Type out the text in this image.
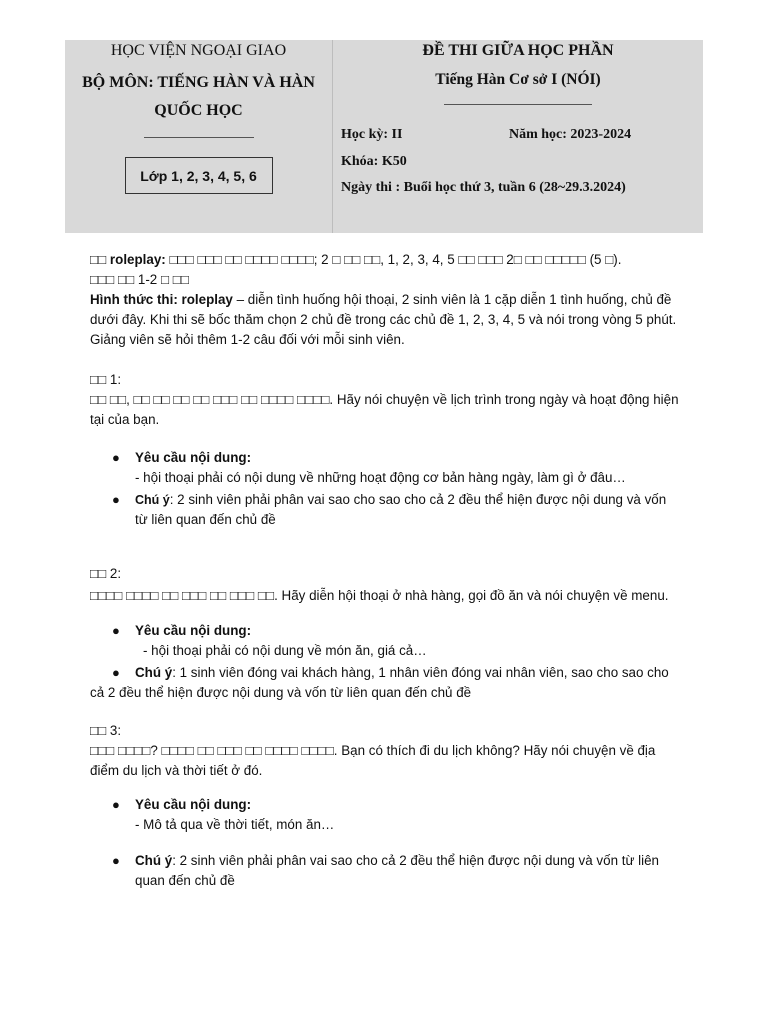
HỌC VIỆN NGOẠI GIAO
BỘ MÔN: TIẾNG HÀN VÀ HÀN QUỐC HỌC
Lớp 1, 2, 3, 4, 5, 6
ĐỀ THI GIỮA HỌC PHẦN
Tiếng Hàn Cơ sở I (NÓI)
Học kỳ: II	Năm học: 2023-2024
Khóa: K50
Ngày thi : Buổi học thứ 3, tuần 6 (28~29.3.2024)

□□ roleplay: □□□ □□□ □□ □□□□ □□□□; 2 □ □□ □□, 1, 2, 3, 4, 5 □□ □□□ 2□ □□ □□□□□ (5 □).

□□□ □□ 1-2 □ □□

Hình thức thi: roleplay – diễn tình huống hội thoại, 2 sinh viên là 1 cặp diễn 1 tình huống, chủ đề dưới đây. Khi thi sẽ bốc thăm chọn 2 chủ đề trong các chủ đề 1, 2, 3, 4, 5 và nói trong vòng 5 phút. Giảng viên sẽ hỏi thêm 1-2 câu đối với mỗi sinh viên.

□□ 1:

□□ □□, □□ □□ □□ □□ □□□ □□ □□□□ □□□□. Hãy nói chuyện về lịch trình trong ngày và hoạt động hiện tại của bạn.

● Yêu cầu nội dung:
- hội thoại phải có nội dung về những hoạt động cơ bản hàng ngày, làm gì ở đâu…
● Chú ý: 2 sinh viên phải phân vai sao cho sao cho cả 2 đều thể hiện được nội dung và vốn từ liên quan đến chủ đề

□□ 2:

□□□□ □□□□ □□ □□□ □□ □□□ □□. Hãy diễn hội thoại ở nhà hàng, gọi đồ ăn và nói chuyện về menu.

● Yêu cầu nội dung:
- hội thoại phải có nội dung về món ăn, giá cả…

● Chú ý: 1 sinh viên đóng vai khách hàng, 1 nhân viên đóng vai nhân viên, sao cho sao cho cả 2 đều thể hiện được nội dung và vốn từ liên quan đến chủ đề

□□ 3:

□□□ □□□□? □□□□ □□ □□□ □□ □□□□ □□□□. Bạn có thích đi du lịch không? Hãy nói chuyện về địa điểm du lịch và thời tiết ở đó.

● Yêu cầu nội dung:
- Mô tả qua về thời tiết, món ăn…
● Chú ý: 2 sinh viên phải phân vai sao cho cả 2 đều thể hiện được nội dung và vốn từ liên quan đến chủ đề
